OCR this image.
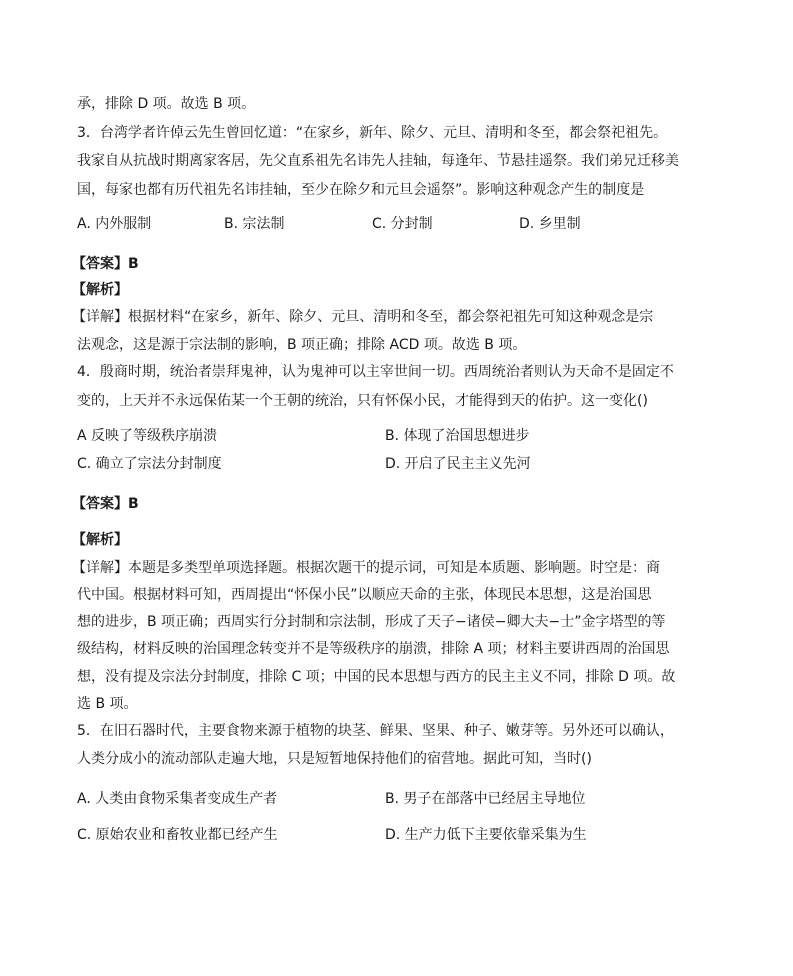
承，排除 D 项。故选 B 项。
3．台湾学者许倬云先生曾回忆道：“在家乡，新年、除夕、元旦、清明和冬至，都会祭祀祖先。
我家自从抗战时期离家客居，先父直系祖先名讳先人挂轴，每逢年、节悬挂遥祭。我们弟兄迁移美
国，每家也都有历代祖先名讳挂轴，至少在除夕和元旦会遥祭”。影响这种观念产生的制度是
A. 内外服制	B. 宗法制	C. 分封制	D. 乡里制
【答案】B
【解析】
【详解】根据材料“在家乡，新年、除夕、元旦、清明和冬至，都会祭祀祖先可知这种观念是宗
法观念，这是源于宗法制的影响，B 项正确；排除 ACD 项。故选 B 项。
4．殷商时期，统治者崇拜鬼神，认为鬼神可以主宰世间一切。西周统治者则认为天命不是固定不
变的，上天并不永远保佑某一个王朝的统治，只有怀保小民，才能得到天的佑护。这一变化()
A 反映了等级秩序崩溃	B. 体现了治国思想进步
C. 确立了宗法分封制度	D. 开启了民主主义先河
【答案】B
【解析】
【详解】本题是多类型单项选择题。根据次题干的提示词，可知是本质题、影响题。时空是：商
代中国。根据材料可知，西周提出“怀保小民”以顺应天命的主张，体现民本思想，这是治国思
想的进步，B 项正确；西周实行分封制和宗法制，形成了天子−诸侯−卿大夫−士”金字塔型的等
级结构，材料反映的治国理念转变并不是等级秩序的崩溃，排除 A 项；材料主要讲西周的治国思
想，没有提及宗法分封制度，排除 C 项；中国的民本思想与西方的民主主义不同，排除 D 项。故
选 B 项。
5．在旧石器时代，主要食物来源于植物的块茎、鲜果、坚果、种子、嫩芽等。另外还可以确认，
人类分成小的流动部队走遍大地，只是短暂地保持他们的宿营地。据此可知，当时()
A. 人类由食物采集者变成生产者	B. 男子在部落中已经居主导地位
C. 原始农业和畜牧业都已经产生	D. 生产力低下主要依靠采集为生
